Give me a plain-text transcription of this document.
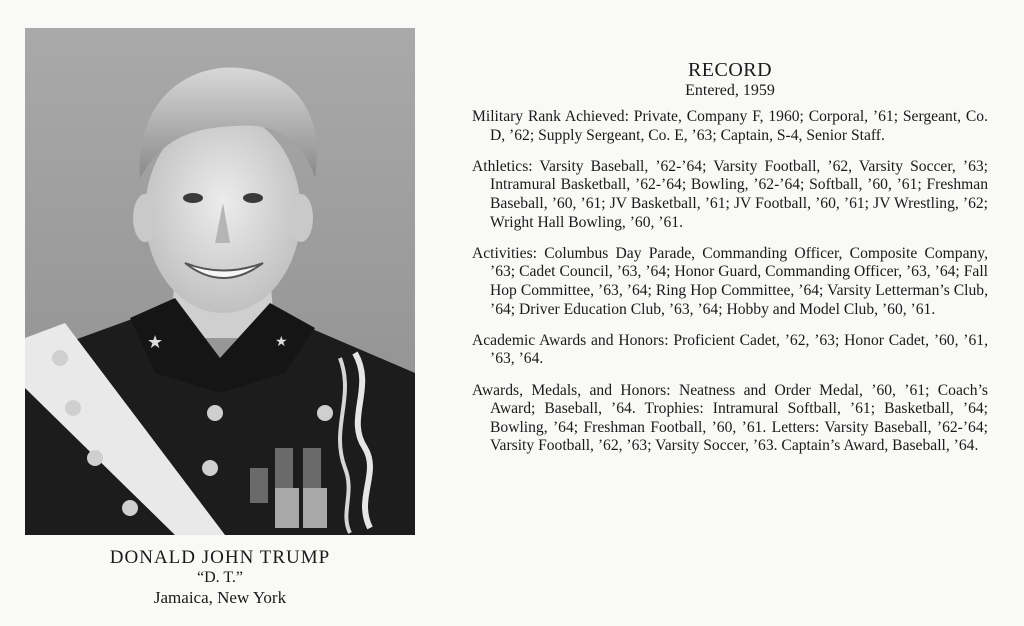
★	★
DONALD JOHN TRUMP
“D. T.”
Jamaica, New York
RECORD
Entered, 1959

Military Rank Achieved: Private, Company F, 1960; Corporal, ’61; Sergeant, Co. D, ’62; Supply Sergeant, Co. E, ’63; Captain, S-4, Senior Staff.

Athletics: Varsity Baseball, ’62-’64; Varsity Football, ’62, Varsity Soccer, ’63; Intramural Basketball, ’62-’64; Bowling, ’62-’64; Softball, ’60, ’61; Freshman Baseball, ’60, ’61; JV Basketball, ’61; JV Football, ’60, ’61; JV Wrestling, ’62; Wright Hall Bowling, ’60, ’61.

Activities: Columbus Day Parade, Commanding Officer, Composite Company, ’63; Cadet Council, ’63, ’64; Honor Guard, Commanding Officer, ’63, ’64; Fall Hop Committee, ’63, ’64; Ring Hop Committee, ’64; Varsity Letterman’s Club, ’64; Driver Education Club, ’63, ’64; Hobby and Model Club, ’60, ’61.

Academic Awards and Honors: Proficient Cadet, ’62, ’63; Honor Cadet, ’60, ’61, ’63, ’64.

Awards, Medals, and Honors: Neatness and Order Medal, ’60, ’61; Coach’s Award; Baseball, ’64. Trophies: Intramural Softball, ’61; Basketball, ’64; Bowling, ’64; Freshman Football, ’60, ’61. Letters: Varsity Baseball, ’62-’64; Varsity Football, ’62, ’63; Varsity Soccer, ’63. Captain’s Award, Baseball, ’64.
